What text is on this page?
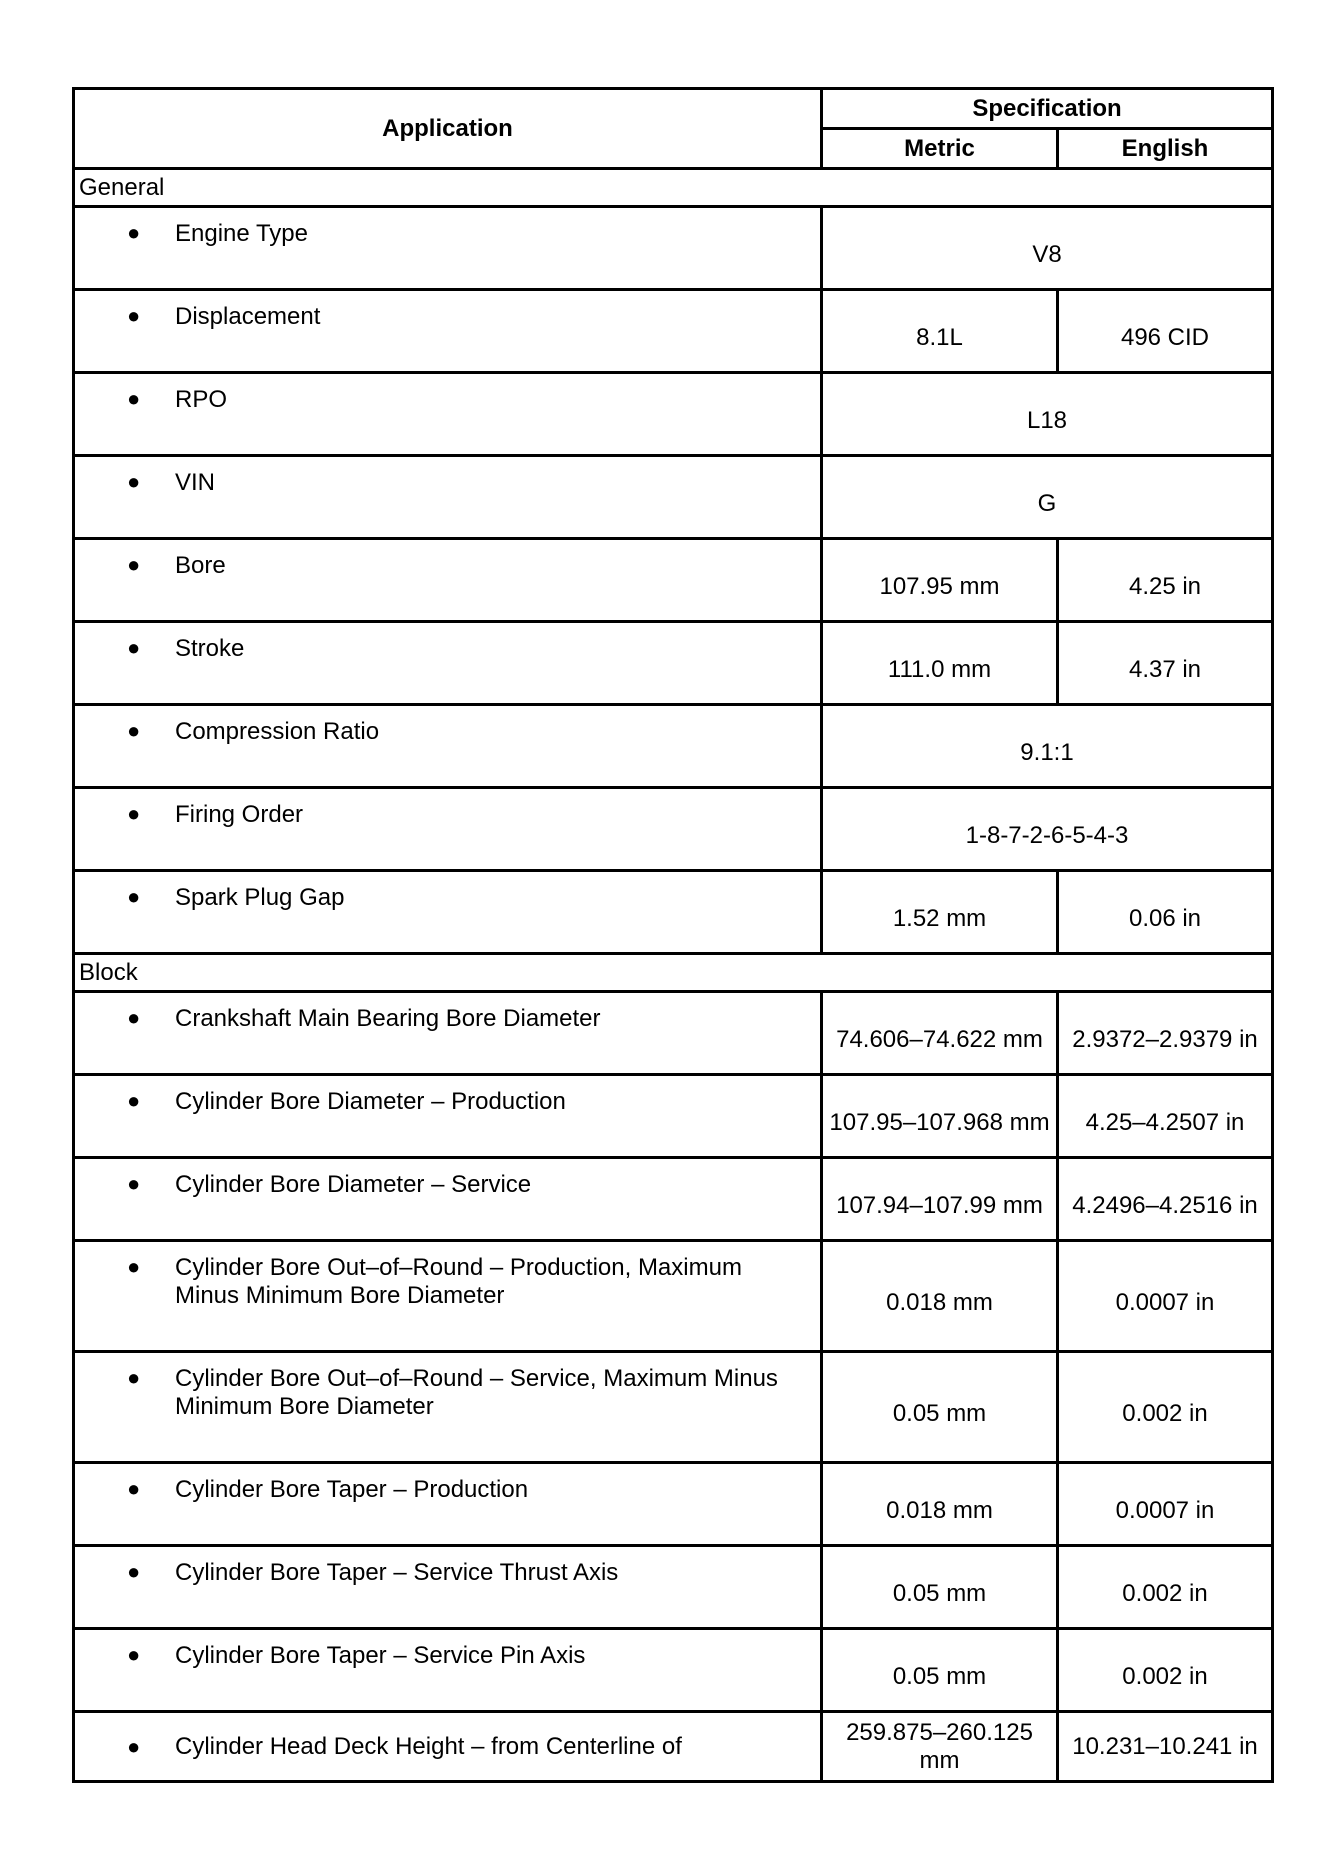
Application	Specification	
	Metric	English
General		

● Engine Type	V8	

● Displacement	8.1L	496 CID

● RPO	L18	

● VIN	G	

● Bore	107.95 mm	4.25 in

● Stroke	111.0 mm	4.37 in

● Compression Ratio	9.1:1	

● Firing Order	1-8-7-2-6-5-4-3	

● Spark Plug Gap	1.52 mm	0.06 in
Block		

● Crankshaft Main Bearing Bore Diameter	74.606–74.622 mm	2.9372–2.9379 in

● Cylinder Bore Diameter – Production	107.95–107.968 mm	4.25–4.2507 in

● Cylinder Bore Diameter – Service	107.94–107.99 mm	4.2496–4.2516 in

● Cylinder Bore Out–of–Round – Production, Maximum Minus Minimum Bore Diameter	0.018 mm	0.0007 in

● Cylinder Bore Out–of–Round – Service, Maximum Minus Minimum Bore Diameter	0.05 mm	0.002 in

● Cylinder Bore Taper – Production	0.018 mm	0.0007 in

● Cylinder Bore Taper – Service Thrust Axis	0.05 mm	0.002 in

● Cylinder Bore Taper – Service Pin Axis	0.05 mm	0.002 in

● Cylinder Head Deck Height – from Centerline of	259.875–260.125 mm	10.231–10.241 in
